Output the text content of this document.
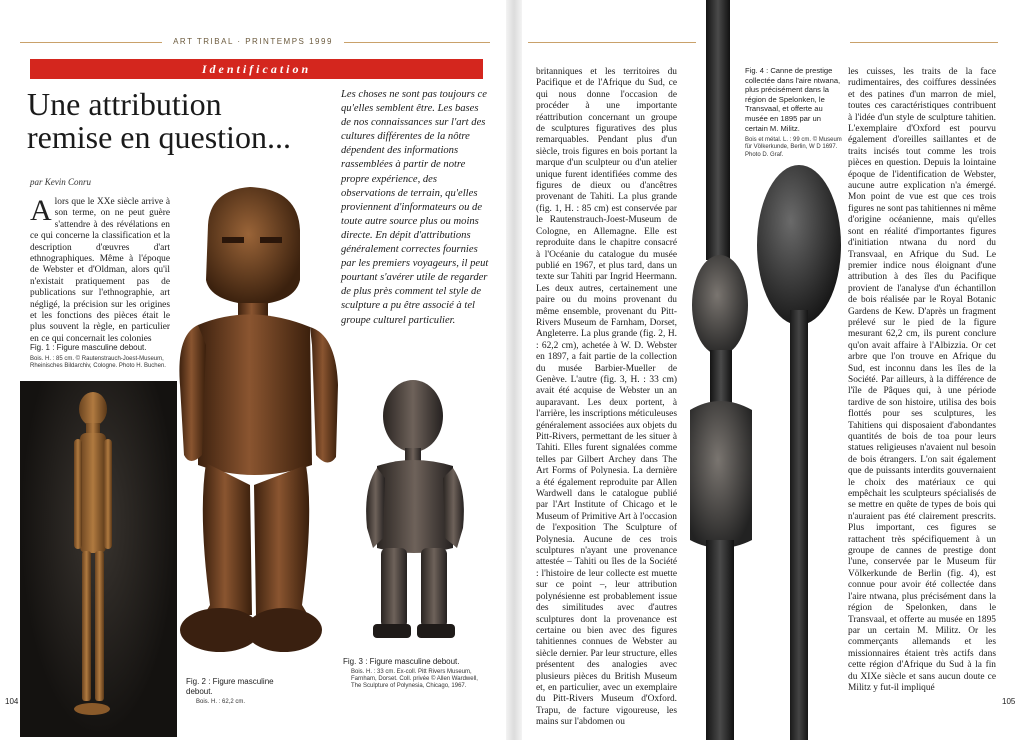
ART TRIBAL · PRINTEMPS 1999
Identification
Une attribution
remise en question...
par Kevin Conru
A lors que le XXe siècle arrive à son terme, on ne peut guère s'attendre à des révélations en ce qui concerne la classification et la description d'œuvres d'art ethnographiques. Même à l'époque de Webster et d'Oldman, alors qu'il n'existait pratiquement pas de publications sur l'ethnographie, art négligé, la précision sur les origines et les fonctions des pièces était le plus souvent la règle, en particulier en ce qui concernait les colonies
Les choses ne sont pas toujours ce qu'elles semblent être. Les bases de nos connaissances sur l'art des cultures différentes de la nôtre dépendent des informations rassemblées à partir de notre propre expérience, des observations de terrain, qu'elles proviennent d'informateurs ou de toute autre source plus ou moins directe. En dépit d'attributions généralement correctes fournies par les premiers voyageurs, il peut pourtant s'avérer utile de regarder de plus près comment tel style de sculpture a pu être associé à tel groupe culturel particulier.
Fig. 1 : Figure masculine debout.
Bois. H. : 85 cm. © Rautenstrauch-Joest-Museum, Rheinisches Bildarchiv, Cologne. Photo H. Buchen.
Fig. 2 : Figure masculine debout.
Bois. H. : 62,2 cm.
Fig. 3 : Figure masculine debout.
Bois. H. : 33 cm. Ex-coll. Pitt Rivers Museum, Farnham, Dorset. Coll. privée © Allen Wardwell, The Sculpture of Polynesia, Chicago, 1967.
104
britanniques et les territoires du Pacifique et de l'Afrique du Sud, ce qui nous donne l'occasion de procéder à une importante réattribution concernant un groupe de sculptures figuratives des plus remarquables. Pendant plus d'un siècle, trois figures en bois portant la marque d'un sculpteur ou d'un atelier unique furent identifiées comme des figures de dieux ou d'ancêtres provenant de Tahiti. La plus grande (fig. 1, H. : 85 cm) est conservée par le Rautenstrauch-Joest-Museum de Cologne, en Allemagne. Elle est reproduite dans le chapitre consacré à l'Océanie du catalogue du musée publié en 1967, et plus tard, dans un texte sur Tahiti par Ingrid Heermann. Les deux autres, certainement une paire ou du moins provenant du même ensemble, provenant du Pitt-Rivers Museum de Farnham, Dorset, Angleterre. La plus grande (fig. 2, H. : 62,2 cm), achetée à W. D. Webster en 1897, a fait partie de la collection du musée Barbier-Mueller de Genève. L'autre (fig. 3, H. : 33 cm) avait été acquise de Webster un an auparavant. Les deux portent, à l'arrière, les inscriptions méticuleuses généralement associées aux objets du Pitt-Rivers, permettant de les situer à Tahiti. Elles furent signalées comme telles par Gilbert Archey dans The Art Forms of Polynesia. La dernière a été également reproduite par Allen Wardwell dans le catalogue publié par l'Art Institute of Chicago et le Museum of Primitive Art à l'occasion de l'exposition The Sculpture of Polynesia. Aucune de ces trois sculptures n'ayant une provenance attestée – Tahiti ou îles de la Société : l'histoire de leur collecte est muette sur ce point –, leur attribution polynésienne est probablement issue des similitudes avec d'autres sculptures dont la provenance est certaine ou bien avec des figures tahitiennes connues de Webster au siècle dernier. Par leur structure, elles présentent des analogies avec plusieurs pièces du British Museum et, en particulier, avec un exemplaire du Pitt-Rivers Museum d'Oxford. Trapu, de facture vigoureuse, les mains sur l'abdomen ou
Fig. 4 : Canne de prestige collectée dans l'aire ntwana, plus précisément dans la région de Spelonken, le Transvaal, et offerte au musée en 1895 par un certain M. Militz.
Bois et métal. L. : 99 cm. © Museum für Völkerkunde, Berlin, W D 1697. Photo D. Graf.
les cuisses, les traits de la face rudimentaires, des coiffures dessinées et des patines d'un marron de miel, toutes ces caractéristiques contribuent à l'idée d'un style de sculpture tahitien. L'exemplaire d'Oxford est pourvu également d'oreilles saillantes et de traits incisés tout comme les trois pièces en question. Depuis la lointaine époque de l'identification de Webster, aucune autre explication n'a émergé. Mon point de vue est que ces trois figures ne sont pas tahitiennes ni même d'origine océanienne, mais qu'elles sont en réalité d'importantes figures d'initiation ntwana du nord du Transvaal, en Afrique du Sud. Le premier indice nous éloignant d'une attribution à des îles du Pacifique provient de l'analyse d'un échantillon de bois réalisée par le Royal Botanic Gardens de Kew. D'après un fragment prélevé sur le pied de la figure mesurant 62,2 cm, ils purent conclure qu'on avait affaire à l'Albizzia. Or cet arbre que l'on trouve en Afrique du Sud, est inconnu dans les îles de la Société. Par ailleurs, à la différence de l'île de Pâques qui, à une période tardive de son histoire, utilisa des bois flottés pour ses sculptures, les Tahitiens qui disposaient d'abondantes quantités de bois de toa pour leurs statues religieuses n'avaient nul besoin de bois étrangers. L'on sait également que de puissants interdits gouvernaient le choix des matériaux ce qui empêchait les sculpteurs spécialisés de se mettre en quête de types de bois qui n'auraient pas été clairement prescrits. Plus important, ces figures se rattachent très spécifiquement à un groupe de cannes de prestige dont l'une, conservée par le Museum für Völkerkunde de Berlin (fig. 4), est connue pour avoir été collectée dans l'aire ntwana, plus précisément dans la région de Spelonken, dans le Transvaal, et offerte au musée en 1895 par un certain M. Militz. Or les commerçants allemands et les missionnaires étaient très actifs dans cette région d'Afrique du Sud à la fin du XIXe siècle et sans aucun doute ce Militz y fut-il impliqué
105
